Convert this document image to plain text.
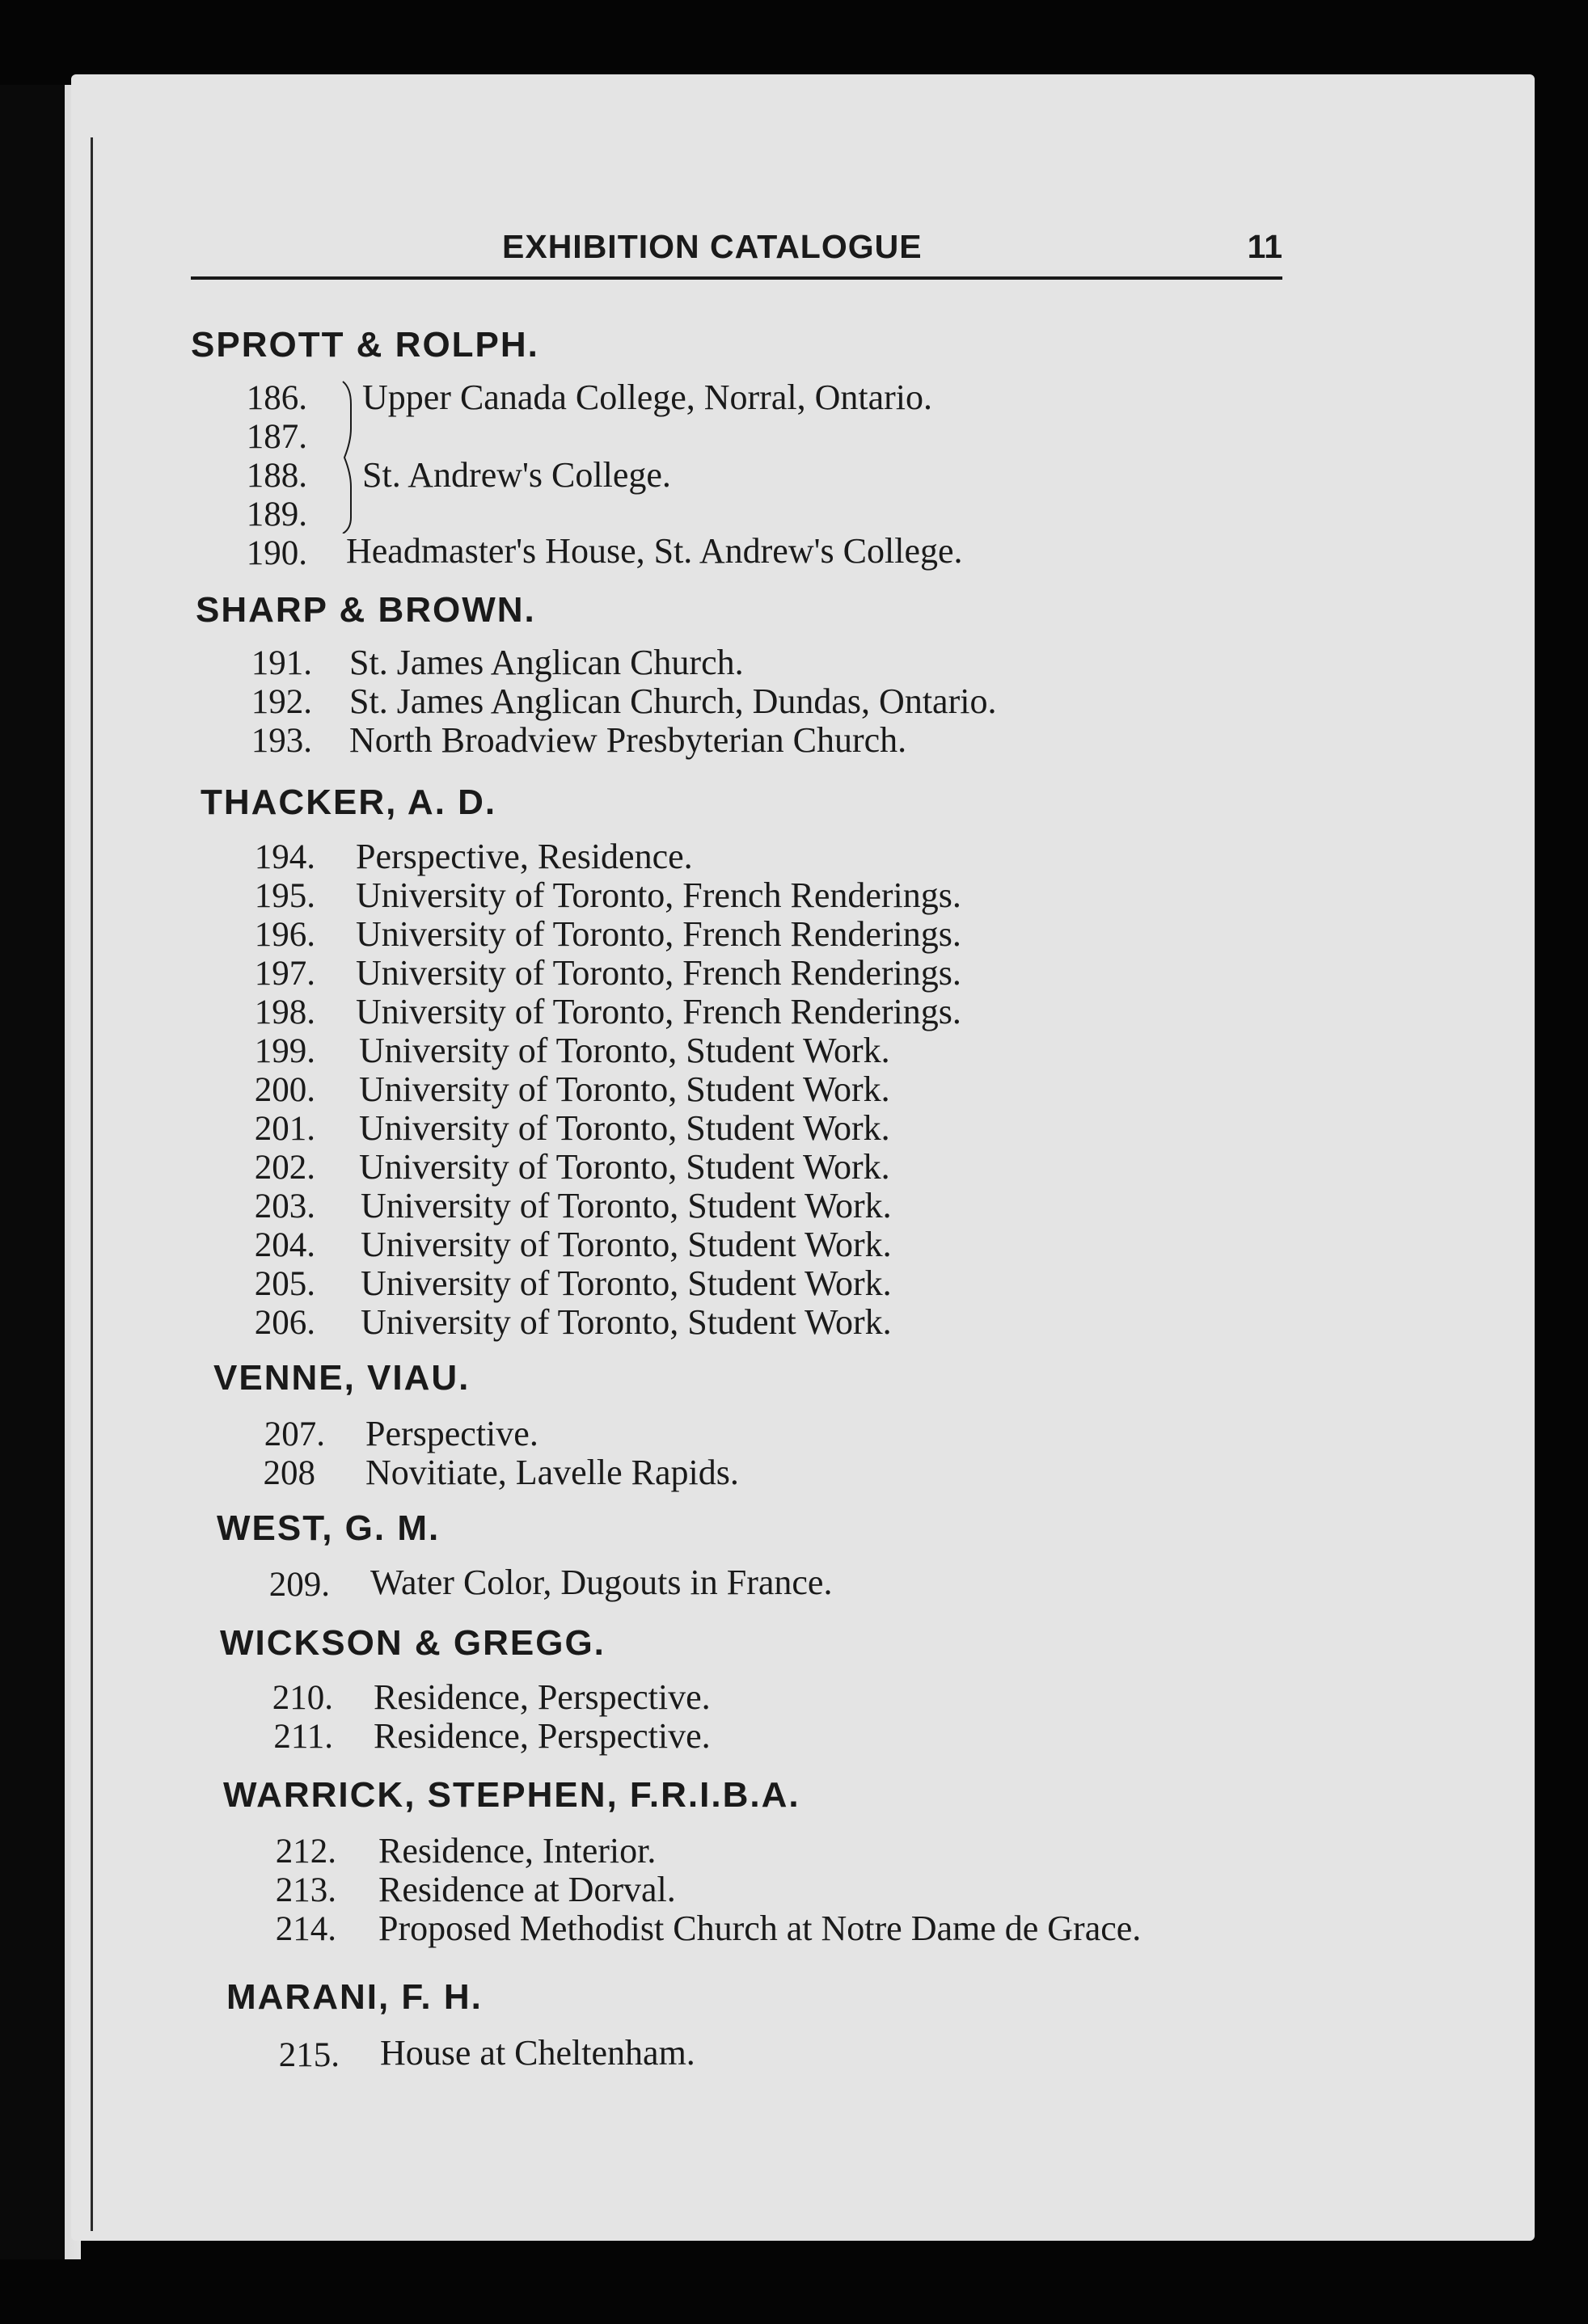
EXHIBITION CATALOGUE	11
SPROTT & ROLPH.
186. Upper Canada College, Norral, Ontario.
187.
188. St. Andrew's College.
189.
190. Headmaster's House, St. Andrew's College.
SHARP & BROWN.
191. St. James Anglican Church.
192. St. James Anglican Church, Dundas, Ontario.
193. North Broadview Presbyterian Church.
THACKER, A. D.
194. Perspective, Residence.
195. University of Toronto, French Renderings.
196. University of Toronto, French Renderings.
197. University of Toronto, French Renderings.
198. University of Toronto, French Renderings.
199. University of Toronto, Student Work.
200. University of Toronto, Student Work.
201. University of Toronto, Student Work.
202. University of Toronto, Student Work.
203. University of Toronto, Student Work.
204. University of Toronto, Student Work.
205. University of Toronto, Student Work.
206. University of Toronto, Student Work.
VENNE, VIAU.
207. Perspective.
208 Novitiate, Lavelle Rapids.
WEST, G. M.
209. Water Color, Dugouts in France.
WICKSON & GREGG.
210. Residence, Perspective.
211. Residence, Perspective.
WARRICK, STEPHEN, F.R.I.B.A.
212. Residence, Interior.
213. Residence at Dorval.
214. Proposed Methodist Church at Notre Dame de Grace.
MARANI, F. H.
215. House at Cheltenham.
